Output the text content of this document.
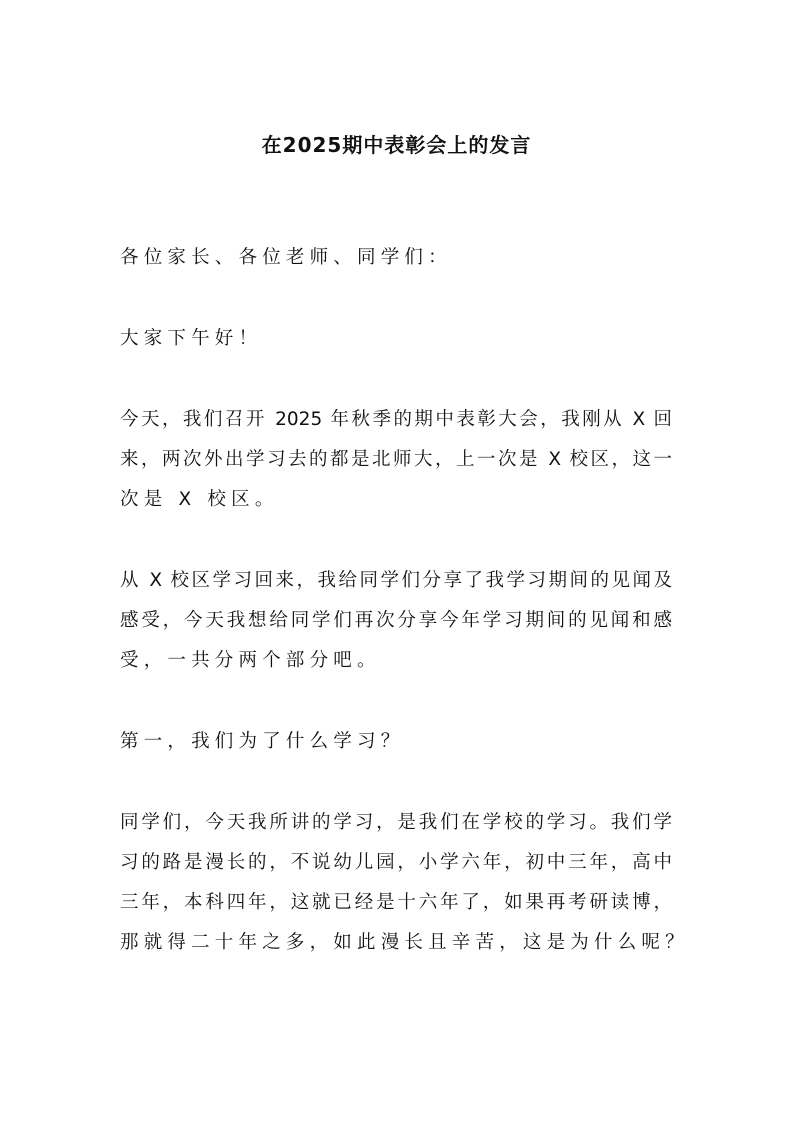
在2025期中表彰会上的发言
各位家长、各位老师、同学们：
大家下午好！
今天，我们召开 2025 年秋季的期中表彰大会，我刚从 X 回
来，两次外出学习去的都是北师大，上一次是 X 校区，这一
次是 X 校区。
从 X 校区学习回来，我给同学们分享了我学习期间的见闻及
感受，今天我想给同学们再次分享今年学习期间的见闻和感
受，一共分两个部分吧。
第一，我们为了什么学习？
同学们，今天我所讲的学习，是我们在学校的学习。我们学
习的路是漫长的，不说幼儿园，小学六年，初中三年，高中
三年，本科四年，这就已经是十六年了，如果再考研读博，
那就得二十年之多，如此漫长且辛苦，这是为什么呢？
